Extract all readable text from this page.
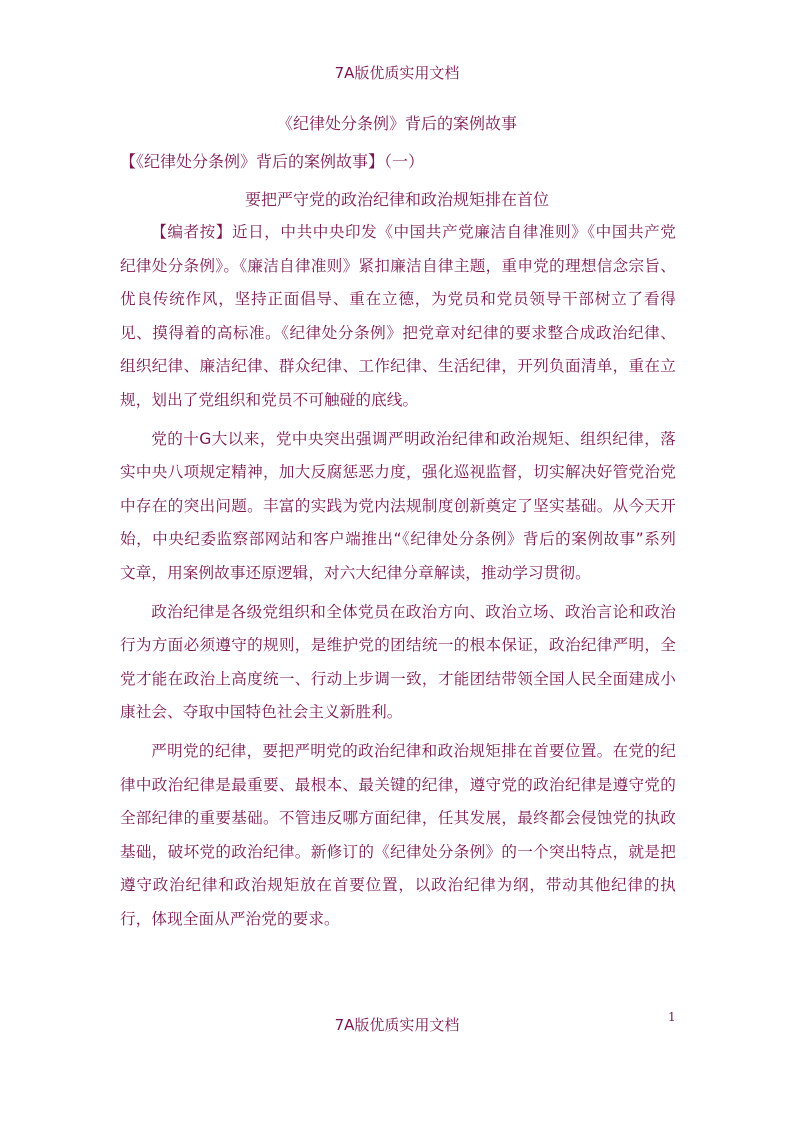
7A版优质实用文档
《纪律处分条例》背后的案例故事
【《纪律处分条例》背后的案例故事】（一）
要把严守党的政治纪律和政治规矩排在首位

【编者按】近日，中共中央印发《中国共产党廉洁自律准则》《中国共产党纪律处分条例》。《廉洁自律准则》紧扣廉洁自律主题，重申党的理想信念宗旨、优良传统作风，坚持正面倡导、重在立德，为党员和党员领导干部树立了看得见、摸得着的高标准。《纪律处分条例》把党章对纪律的要求整合成政治纪律、组织纪律、廉洁纪律、群众纪律、工作纪律、生活纪律，开列负面清单，重在立规，划出了党组织和党员不可触碰的底线。

党的十G大以来，党中央突出强调严明政治纪律和政治规矩、组织纪律，落实中央八项规定精神，加大反腐惩恶力度，强化巡视监督，切实解决好管党治党中存在的突出问题。丰富的实践为党内法规制度创新奠定了坚实基础。从今天开始，中央纪委监察部网站和客户端推出“《纪律处分条例》背后的案例故事”系列文章，用案例故事还原逻辑，对六大纪律分章解读，推动学习贯彻。

政治纪律是各级党组织和全体党员在政治方向、政治立场、政治言论和政治行为方面必须遵守的规则，是维护党的团结统一的根本保证，政治纪律严明，全党才能在政治上高度统一、行动上步调一致，才能团结带领全国人民全面建成小康社会、夺取中国特色社会主义新胜利。

严明党的纪律，要把严明党的政治纪律和政治规矩排在首要位置。在党的纪律中政治纪律是最重要、最根本、最关键的纪律，遵守党的政治纪律是遵守党的全部纪律的重要基础。不管违反哪方面纪律，任其发展，最终都会侵蚀党的执政基础，破坏党的政治纪律。新修订的《纪律处分条例》的一个突出特点，就是把遵守政治纪律和政治规矩放在首要位置，以政治纪律为纲，带动其他纪律的执行，体现全面从严治党的要求。

7A版优质实用文档	1
